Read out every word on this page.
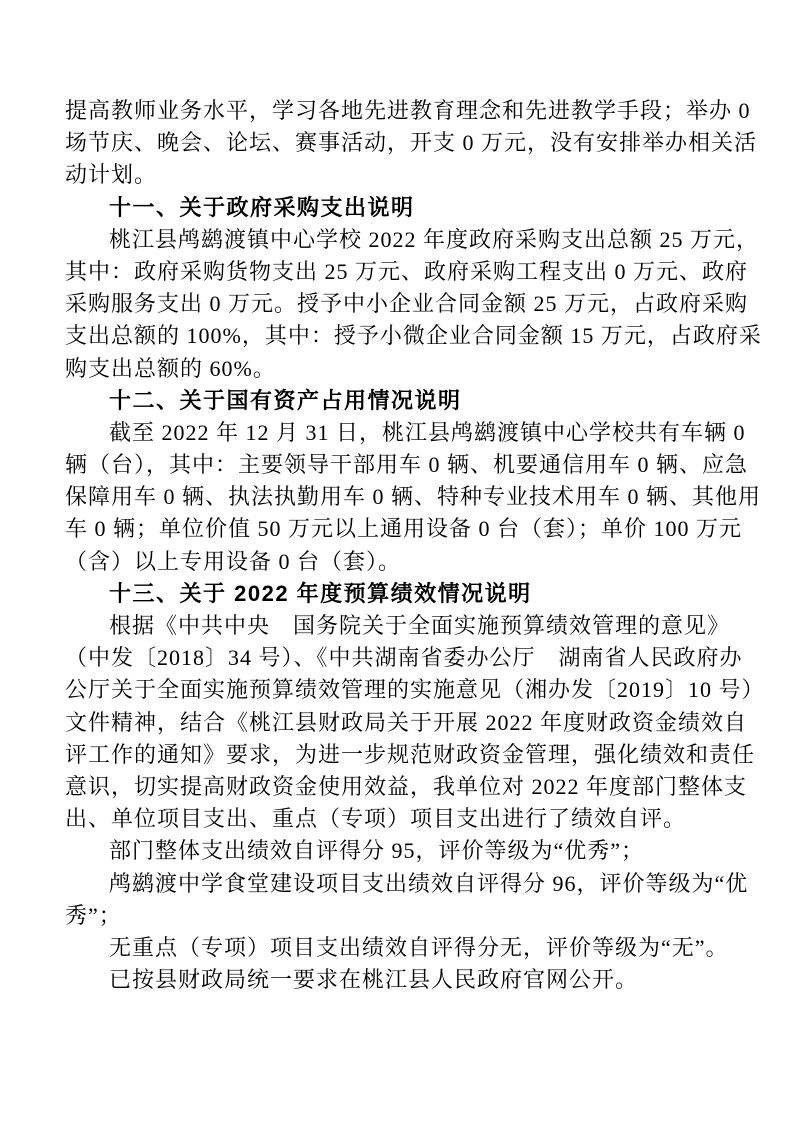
提高教师业务水平，学习各地先进教育理念和先进教学手段；举办 0
场节庆、晚会、论坛、赛事活动，开支 0 万元，没有安排举办相关活
动计划。
十一、关于政府采购支出说明
桃江县鸬鹚渡镇中心学校 2022 年度政府采购支出总额 25 万元，
其中：政府采购货物支出 25 万元、政府采购工程支出 0 万元、政府
采购服务支出 0 万元。授予中小企业合同金额 25 万元，占政府采购
支出总额的 100%，其中：授予小微企业合同金额 15 万元，占政府采
购支出总额的 60%。
十二、关于国有资产占用情况说明
截至 2022 年 12 月 31 日，桃江县鸬鹚渡镇中心学校共有车辆 0
辆（台），其中：主要领导干部用车 0 辆、机要通信用车 0 辆、应急
保障用车 0 辆、执法执勤用车 0 辆、特种专业技术用车 0 辆、其他用
车 0 辆；单位价值 50 万元以上通用设备 0 台（套）；单价 100 万元
（含）以上专用设备 0 台（套）。
十三、关于 2022 年度预算绩效情况说明
根据《中共中央　国务院关于全面实施预算绩效管理的意见》
（中发〔2018〕34 号）、《中共湖南省委办公厅　湖南省人民政府办
公厅关于全面实施预算绩效管理的实施意见（湘办发〔2019〕10 号）
文件精神，结合《桃江县财政局关于开展 2022 年度财政资金绩效自
评工作的通知》要求，为进一步规范财政资金管理，强化绩效和责任
意识，切实提高财政资金使用效益，我单位对 2022 年度部门整体支
出、单位项目支出、重点（专项）项目支出进行了绩效自评。
部门整体支出绩效自评得分 95，评价等级为“优秀”；
鸬鹚渡中学食堂建设项目支出绩效自评得分 96，评价等级为“优
秀”；
无重点（专项）项目支出绩效自评得分无，评价等级为“无”。
已按县财政局统一要求在桃江县人民政府官网公开。
